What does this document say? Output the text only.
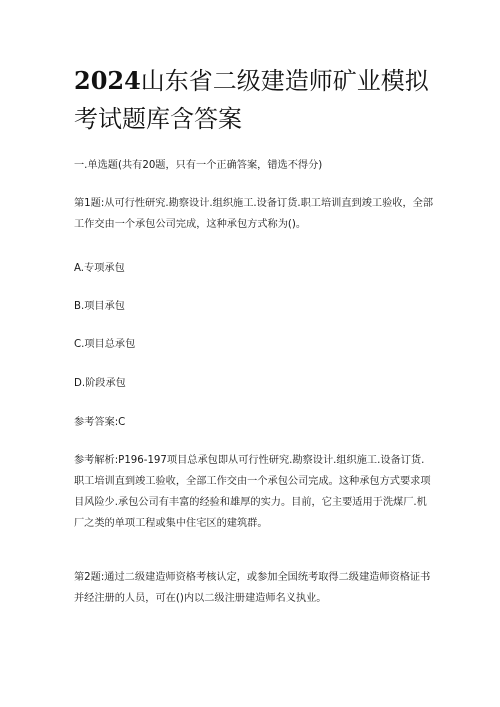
2024山东省二级建造师矿业模拟考试题库含答案

一.单选题(共有20题，只有一个正确答案，错选不得分)

第1题:从可行性研究.勘察设计.组织施工.设备订货.职工培训直到竣工验收，全部工作交由一个承包公司完成，这种承包方式称为()。

A.专项承包

B.项目承包

C.项目总承包

D.阶段承包

参考答案:C

参考解析:P196-197项目总承包即从可行性研究.勘察设计.组织施工.设备订货.职工培训直到竣工验收，全部工作交由一个承包公司完成。这种承包方式要求项目风险少.承包公司有丰富的经验和雄厚的实力。目前，它主要适用于洗煤厂.机厂之类的单项工程或集中住宅区的建筑群。

第2题:通过二级建造师资格考核认定，或参加全国统考取得二级建造师资格证书并经注册的人员，可在()内以二级注册建造师名义执业。
